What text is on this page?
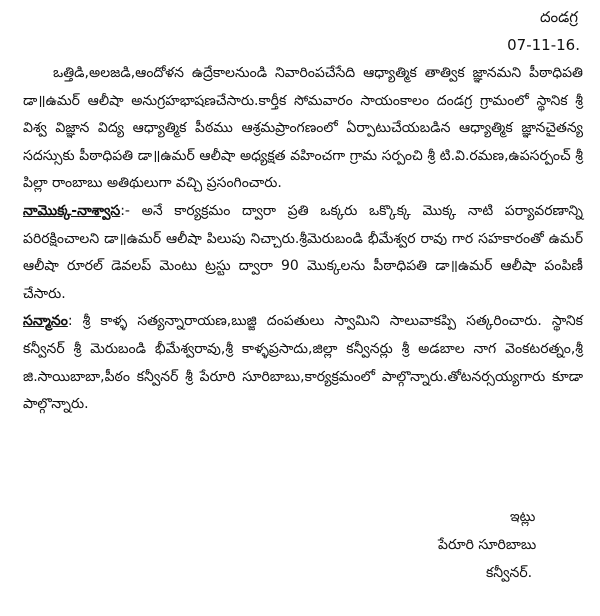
దండగ్ర
07-11-16.

ఒత్తిడి,అలజడి,ఆందోళన ఉద్రేకాలనుండి నివారింపచేసేది ఆధ్యాత్మిక తాత్విక జ్ఞానమని పీఠాధిపతి డా॥ఉమర్ ఆలీషా అనుగ్రహభాషణచేసారు.కార్తీక సోమవారం సాయంకాలం దండగ్ర గ్రామంలో స్థానిక శ్రీ విశ్వ విజ్ఞాన విద్య ఆధ్యాత్మిక పీఠము ఆశ్రమప్రాంగణంలో ఏర్పాటుచేయబడిన ఆధ్యాత్మిక జ్ఞానచైతన్య సదస్సుకు పీఠాధిపతి డా॥ఉమర్ ఆలీషా అధ్యక్షత వహించగా గ్రామ సర్పంచి శ్రీ టి.వి.రమణ,ఉపసర్పంచ్ శ్రీ పిల్లా రాంబాబు అతిథులుగా వచ్చి ప్రసంగించారు.

నామొక్క-నాశ్వాస:- అనే కార్యక్రమం ద్వారా ప్రతి ఒక్కరు ఒక్కొక్క మొక్క నాటి పర్యావరణాన్ని పరిరక్షించాలని డా॥ఉమర్ ఆలీషా పిలుపు నిచ్చారు.శ్రీమెరుబండి భీమేశ్వర రావు గార సహకారంతో ఉమర్ ఆలీషా రూరల్ డెవలప్ మెంటు ట్రస్టు ద్వారా 90 మొక్కలను పీఠాధిపతి డా॥ఉమర్ ఆలీషా పంపిణీ చేసారు.

సన్మానం: శ్రీ కాళ్ళ సత్యన్నారాయణ,బుజ్జి దంపతులు స్వామిని సాలువాకప్పి సత్కరించారు. స్థానిక కన్వీనర్ శ్రీ మెరుబండి భీమేశ్వరావు,శ్రీ కాళ్ళప్రసాదు,జిల్లా కన్వీనర్లు శ్రీ అడబాల నాగ వెంకటరత్నం,శ్రీ జి.సాయిబాబా,పీఠం కన్వీనర్ శ్రీ పేరూరి సూరిబాబు,కార్యక్రమంలో పాల్గొన్నారు.తోటనర్సయ్యగారు కూడా పాల్గొన్నారు.

ఇట్లు
పేరూరి సూరిబాబు
కన్వీనర్.
